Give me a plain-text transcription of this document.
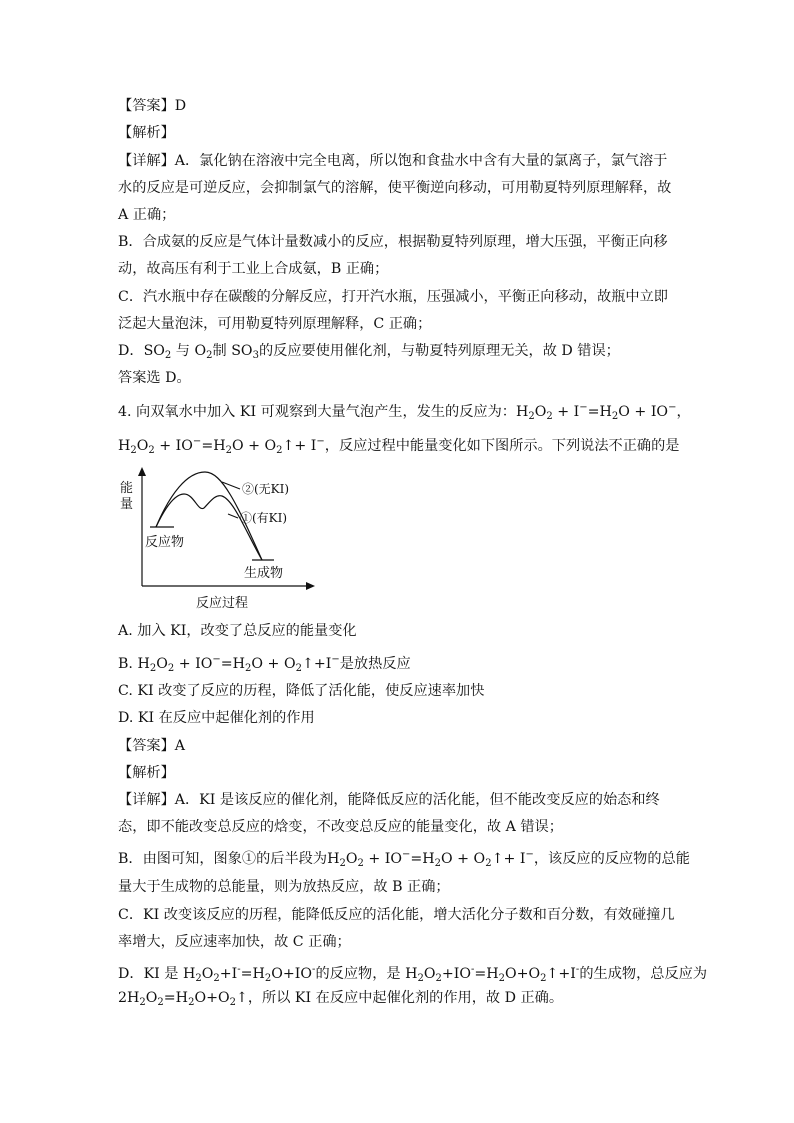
【答案】D
【解析】
【详解】A．氯化钠在溶液中完全电离，所以饱和食盐水中含有大量的氯离子，氯气溶于
水的反应是可逆反应，会抑制氯气的溶解，使平衡逆向移动，可用勒夏特列原理解释，故
A 正确；
B．合成氨的反应是气体计量数减小的反应，根据勒夏特列原理，增大压强，平衡正向移
动，故高压有利于工业上合成氨，B 正确；
C．汽水瓶中存在碳酸的分解反应，打开汽水瓶，压强减小，平衡正向移动，故瓶中立即
泛起大量泡沫，可用勒夏特列原理解释，C 正确；
D．$SO_2$ 与 $O_2$制 $SO_3$的反应要使用催化剂，与勒夏特列原理无关，故 D 错误；
答案选 D。
4. 向双氧水中加入 KI 可观察到大量气泡产生，发生的反应为：$H_2O_2 + I^-=H_2O + IO^-$，
$H_2O_2 + IO^-=H_2O$ + $O_2↑+ I^-$，反应过程中能量变化如下图所示。下列说法不正确的是
能
量
②(无KI)
①(有KI)
反应物
生成物
反应过程
A. 加入 KI，改变了总反应的能量变化
B. $H_2O_2 + IO^-=H_2O$ + $O_2↑+I^-$是放热反应
C. KI 改变了反应的历程，降低了活化能，使反应速率加快
D. KI 在反应中起催化剂的作用
【答案】A
【解析】
【详解】A．KI 是该反应的催化剂，能降低反应的活化能，但不能改变反应的始态和终
态，即不能改变总反应的焓变，不改变总反应的能量变化，故 A 错误；
B．由图可知，图象①的后半段为$H_2O_2 + IO^-=H_2O$ + $O_2↑+ I^-$，该反应的反应物的总能
量大于生成物的总能量，则为放热反应，故 B 正确；
C．KI 改变该反应的历程，能降低反应的活化能，增大活化分子数和百分数，有效碰撞几
率增大，反应速率加快，故 C 正确；
D．KI 是 $H_2O_2+I^-=H_2O+IO^-$的反应物，是 $H_2O_2+IO^-=H_2O+O_2↑+I^-$的生成物，总反应为
$2H_2O_2=H_2O+O_2↑$，所以 KI 在反应中起催化剂的作用，故 D 正确。
